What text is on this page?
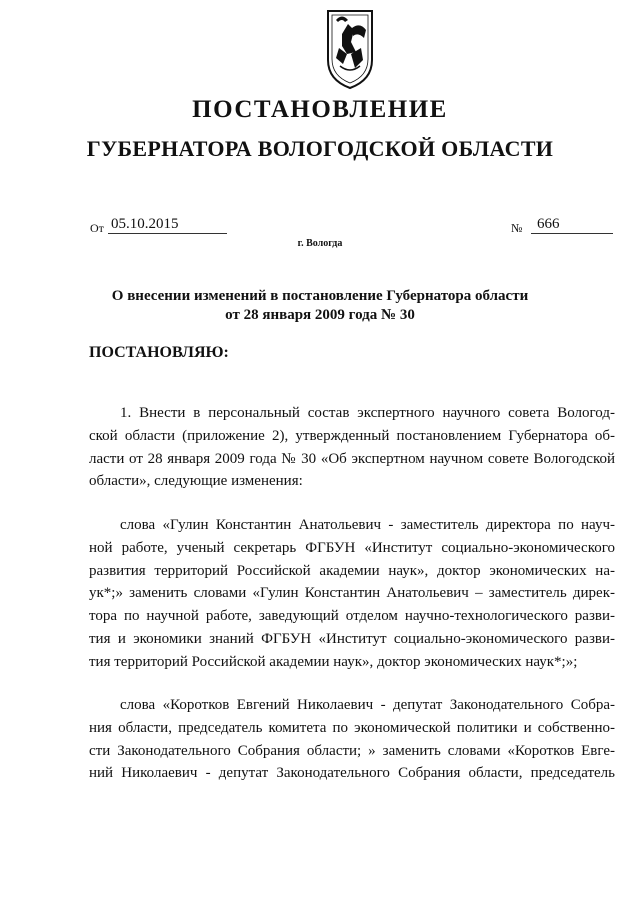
ПОСТАНОВЛЕНИЕ
ГУБЕРНАТОРА ВОЛОГОДСКОЙ ОБЛАСТИ
От 05.10.2015	№ 666
г. Вологда
О внесении изменений в постановление Губернатора области
от 28 января 2009 года № 30
ПОСТАНОВЛЯЮ:
1. Внести в персональный состав экспертного научного совета Вологод-
ской области (приложение 2), утвержденный постановлением Губернатора об-
ласти от 28 января 2009 года № 30 «Об экспертном научном совете Вологодской
области», следующие изменения:
слова «Гулин Константин Анатольевич - заместитель директора по науч-
ной работе, ученый секретарь ФГБУН «Институт социально-экономического
развития территорий Российской академии наук», доктор экономических на-
ук*;» заменить словами «Гулин Константин Анатольевич – заместитель дирек-
тора по научной работе, заведующий отделом научно-технологического разви-
тия и экономики знаний ФГБУН «Институт социально-экономического разви-
тия территорий Российской академии наук», доктор экономических наук*;»;
слова «Коротков Евгений Николаевич - депутат Законодательного Собра-
ния области, председатель комитета по экономической политики и собственно-
сти Законодательного Собрания области; » заменить словами «Коротков Евге-
ний Николаевич - депутат Законодательного Собрания области, председатель
